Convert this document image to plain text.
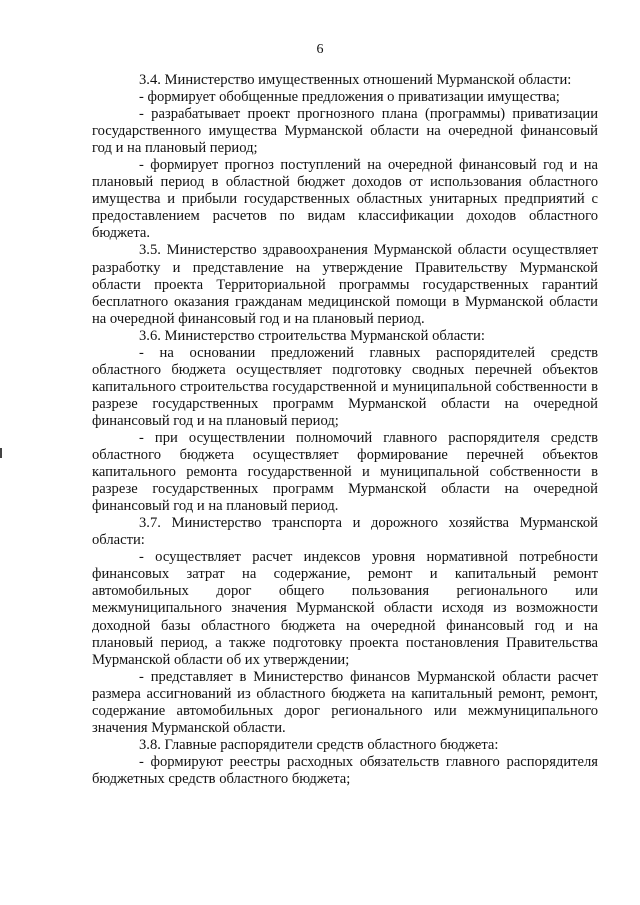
6

3.4. Министерство имущественных отношений Мурманской области:

- формирует обобщенные предложения о приватизации имущества;

- разрабатывает проект прогнозного плана (программы) приватизации государственного имущества Мурманской области на очередной финансовый год и на плановый период;

- формирует прогноз поступлений на очередной финансовый год и на плановый период в областной бюджет доходов от использования областного имущества и прибыли государственных областных унитарных предприятий с предоставлением расчетов по видам классификации доходов областного бюджета.

3.5. Министерство здравоохранения Мурманской области осуществляет разработку и представление на утверждение Правительству Мурманской области проекта Территориальной программы государственных гарантий бесплатного оказания гражданам медицинской помощи в Мурманской области на очередной финансовый год и на плановый период.

3.6. Министерство строительства Мурманской области:

- на основании предложений главных распорядителей средств областного бюджета осуществляет подготовку сводных перечней объектов капитального строительства государственной и муниципальной собственности в разрезе государственных программ Мурманской области на очередной финансовый год и на плановый период;

- при осуществлении полномочий главного распорядителя средств областного бюджета осуществляет формирование перечней объектов капитального ремонта государственной и муниципальной собственности в разрезе государственных программ Мурманской области на очередной финансовый год и на плановый период.

3.7. Министерство транспорта и дорожного хозяйства Мурманской области:

- осуществляет расчет индексов уровня нормативной потребности финансовых затрат на содержание, ремонт и капитальный ремонт автомобильных дорог общего пользования регионального или межмуниципального значения Мурманской области исходя из возможности доходной базы областного бюджета на очередной финансовый год и на плановый период, а также подготовку проекта постановления Правительства Мурманской области об их утверждении;

- представляет в Министерство финансов Мурманской области расчет размера ассигнований из областного бюджета на капитальный ремонт, ремонт, содержание автомобильных дорог регионального или межмуниципального значения Мурманской области.

3.8. Главные распорядители средств областного бюджета:

- формируют реестры расходных обязательств главного распорядителя бюджетных средств областного бюджета;
